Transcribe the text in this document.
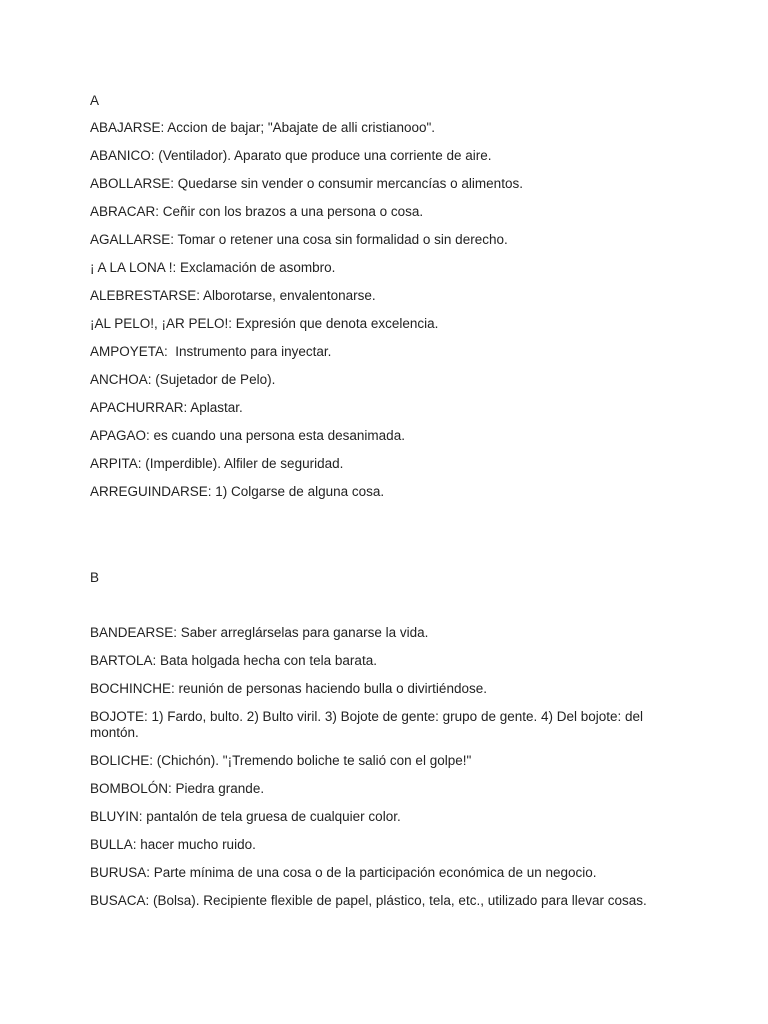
A

ABAJARSE: Accion de bajar; "Abajate de alli cristianooo".

ABANICO: (Ventilador). Aparato que produce una corriente de aire.

ABOLLARSE: Quedarse sin vender o consumir mercancías o alimentos.

ABRACAR: Ceñir con los brazos a una persona o cosa.

AGALLARSE: Tomar o retener una cosa sin formalidad o sin derecho.

¡ A LA LONA !: Exclamación de asombro.

ALEBRESTARSE: Alborotarse, envalentonarse.

¡AL PELO!, ¡AR PELO!: Expresión que denota excelencia.

AMPOYETA:  Instrumento para inyectar.

ANCHOA: (Sujetador de Pelo).

APACHURRAR: Aplastar.

APAGAO: es cuando una persona esta desanimada.

ARPITA: (Imperdible). Alfiler de seguridad.

ARREGUINDARSE: 1) Colgarse de alguna cosa.

B

BANDEARSE: Saber arreglárselas para ganarse la vida.

BARTOLA: Bata holgada hecha con tela barata.

BOCHINCHE: reunión de personas haciendo bulla o divirtiéndose.

BOJOTE: 1) Fardo, bulto. 2) Bulto viril. 3) Bojote de gente: grupo de gente. 4) Del bojote: del montón.

BOLICHE: (Chichón). "¡Tremendo boliche te salió con el golpe!"

BOMBOLÓN: Piedra grande.

BLUYIN: pantalón de tela gruesa de cualquier color.

BULLA: hacer mucho ruido.

BURUSA: Parte mínima de una cosa o de la participación económica de un negocio.

BUSACA: (Bolsa). Recipiente flexible de papel, plástico, tela, etc., utilizado para llevar cosas.
